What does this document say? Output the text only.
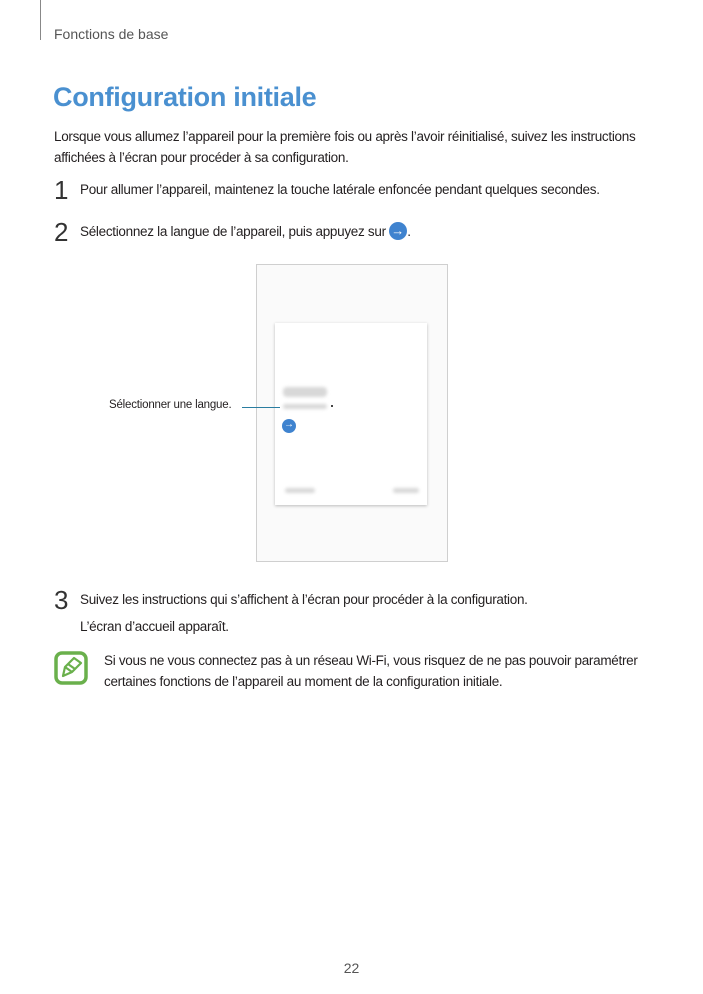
Fonctions de base
Configuration initiale
Lorsque vous allumez l’appareil pour la première fois ou après l’avoir réinitialisé, suivez les instructions affichées à l’écran pour procéder à sa configuration.
1 Pour allumer l’appareil, maintenez la touche latérale enfoncée pendant quelques secondes.
2 Sélectionnez la langue de l’appareil, puis appuyez sur →.
→
Sélectionner une langue.
3 Suivez les instructions qui s’affichent à l’écran pour procéder à la configuration.
L’écran d’accueil apparaît.
Si vous ne vous connectez pas à un réseau Wi-Fi, vous risquez de ne pas pouvoir paramétrer certaines fonctions de l’appareil au moment de la configuration initiale.
22
